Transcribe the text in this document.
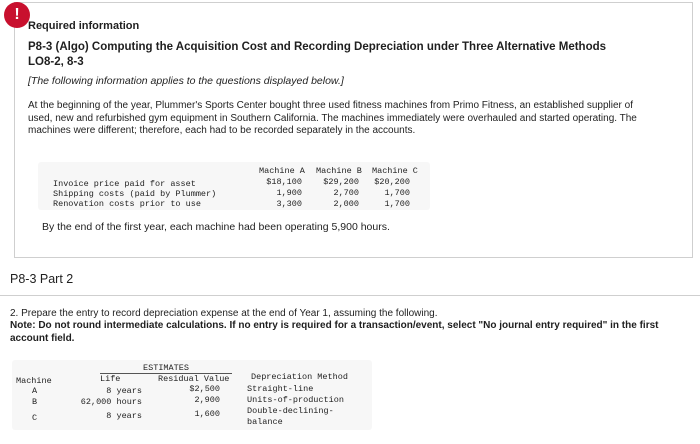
!
Required information
P8-3 (Algo) Computing the Acquisition Cost and Recording Depreciation under Three Alternative Methods LO8-2, 8-3
[The following information applies to the questions displayed below.]
At the beginning of the year, Plummer's Sports Center bought three used fitness machines from Primo Fitness, an established supplier of used, new and refurbished gym equipment in Southern California. The machines immediately were overhauled and started operating. The machines were different; therefore, each had to be recorded separately in the accounts.
Machine A Machine B Machine C
Invoice price paid for asset	$18,100	$29,200	$20,200
Shipping costs (paid by Plummer)	1,900	2,700	1,700
Renovation costs prior to use	3,300	2,000	1,700
By the end of the first year, each machine had been operating 5,900 hours.
P8-3 Part 2
2. Prepare the entry to record depreciation expense at the end of Year 1, assuming the following.
Note: Do not round intermediate calculations. If no entry is required for a transaction/event, select "No journal entry required" in the first account field.
ESTIMATES
Machine	Life	Residual Value	Depreciation Method
A	8 years	$2,500	Straight-line
B	62,000 hours	2,900	Units-of-production
C	8 years	1,600	Double-declining-balance
